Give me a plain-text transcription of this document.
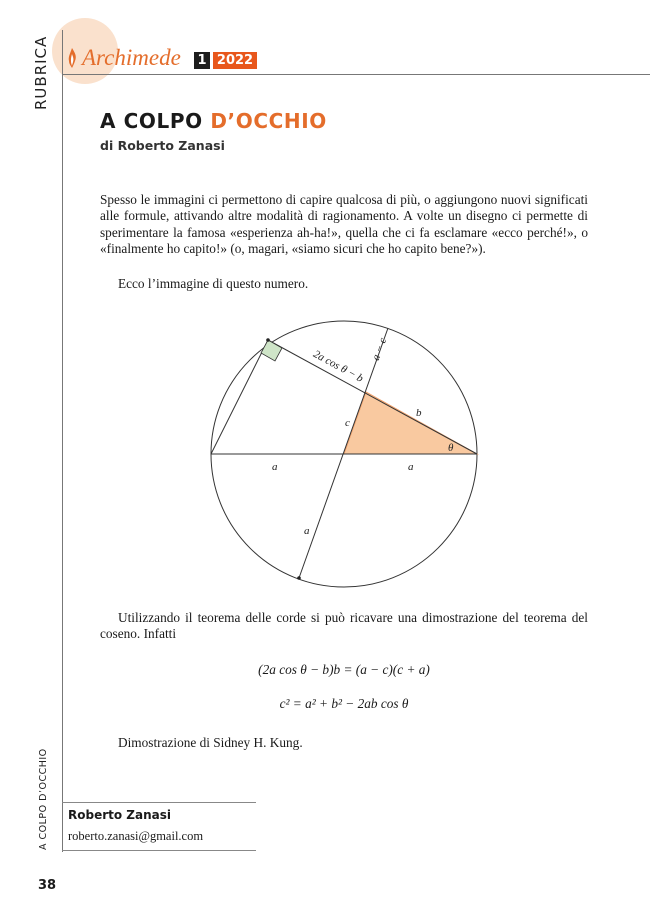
RUBRICA Archimede 1 2022
A COLPO D’OCCHIO
di Roberto Zanasi
Spesso le immagini ci permettono di capire qualcosa di più, o aggiungono nuovi significati alle formule, attivando altre modalità di ragionamento. A volte un disegno ci permette di sperimentare la famosa «esperienza ah-ha!», quella che ci fa esclamare «ecco perché!», o «finalmente ho capito!» (o, magari, «siamo sicuri che ho capito bene?»).
Ecco l’immagine di questo numero.
2a cos θ − b a − c
b
c
θ
a	a
a
Utilizzando il teorema delle corde si può ricavare una dimostrazione del teorema del coseno. Infatti
(2a cos θ − b)b = (a − c)(c + a)
c² = a² + b² − 2ab cos θ
Dimostrazione di Sidney H. Kung.
Roberto Zanasi
roberto.zanasi@gmail.com
A COLPO D’OCCHIO
38
